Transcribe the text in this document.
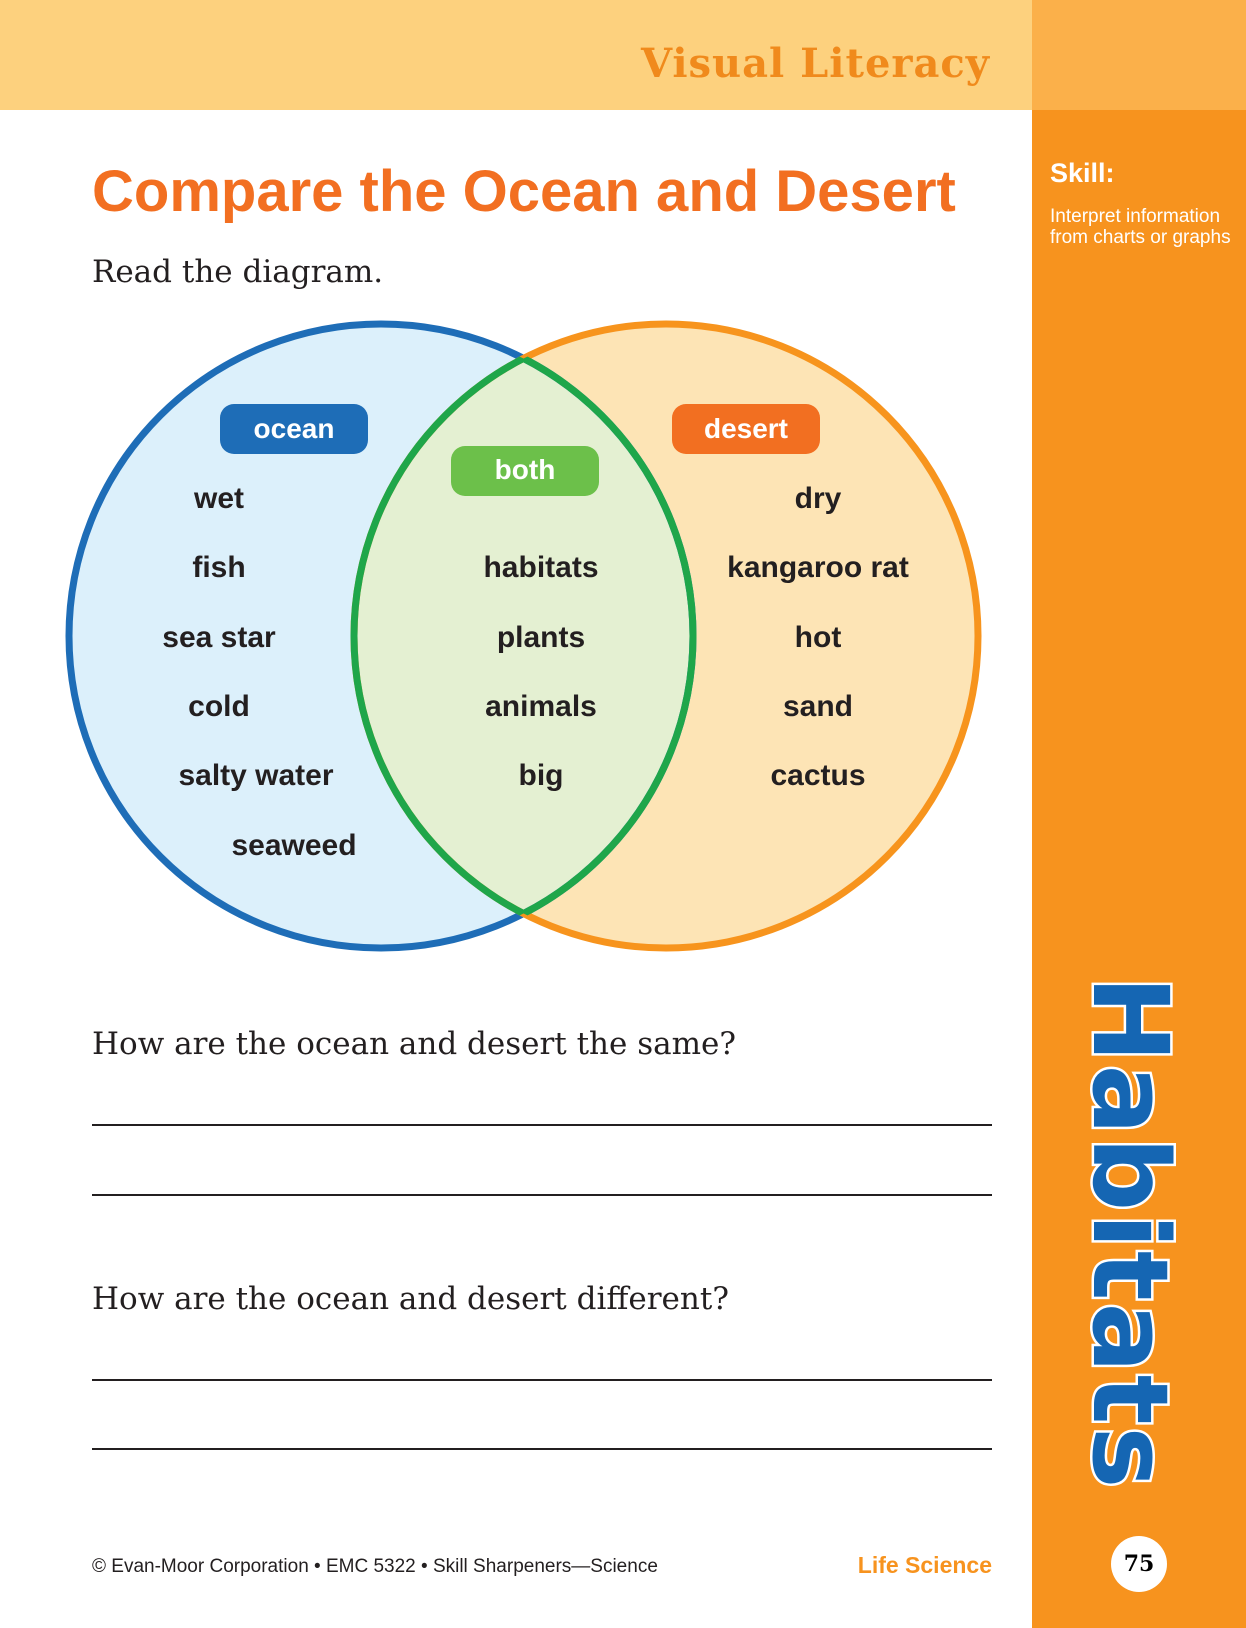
Visual Literacy
Skill:
Interpret information from charts or graphs
Habitats
75
Compare the Ocean and Desert
Read the diagram.
ocean
both
desert
wet
fish
sea star
cold
salty water
seaweed
habitats
plants
animals
big
dry
kangaroo rat
hot
sand
cactus
How are the ocean and desert the same?
How are the ocean and desert different?
© Evan-Moor Corporation • EMC 5322 • Skill Sharpeners—Science	Life Science
